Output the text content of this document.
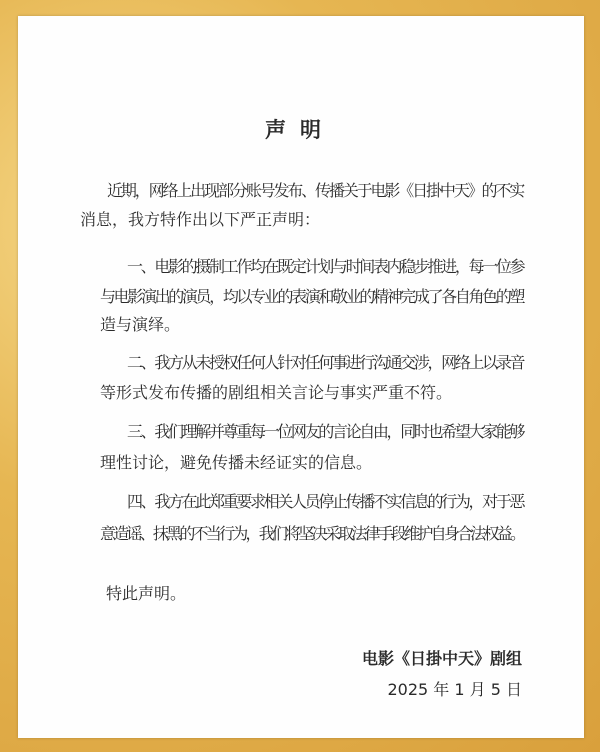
声明
近期，网络上出现部分账号发布、传播关于电影《日掛中天》的不实
消息，我方特作出以下严正声明：
一、电影的摄制工作均在既定计划与时间表内稳步推进，每一位参
与电影演出的演员，均以专业的表演和敬业的精神完成了各自角色的塑
造与演绎。
二、我方从未授权任何人针对任何事进行沟通交涉，网络上以录音
等形式发布传播的剧组相关言论与事实严重不符。
三、我们理解并尊重每一位网友的言论自由，同时也希望大家能够
理性讨论，避免传播未经证实的信息。
四、我方在此郑重要求相关人员停止传播不实信息的行为，对于恶
意造谣、抹黑的不当行为，我们将坚决采取法律手段维护自身合法权益。
特此声明。
电影《日掛中天》剧组
2025 年 1 月 5 日
